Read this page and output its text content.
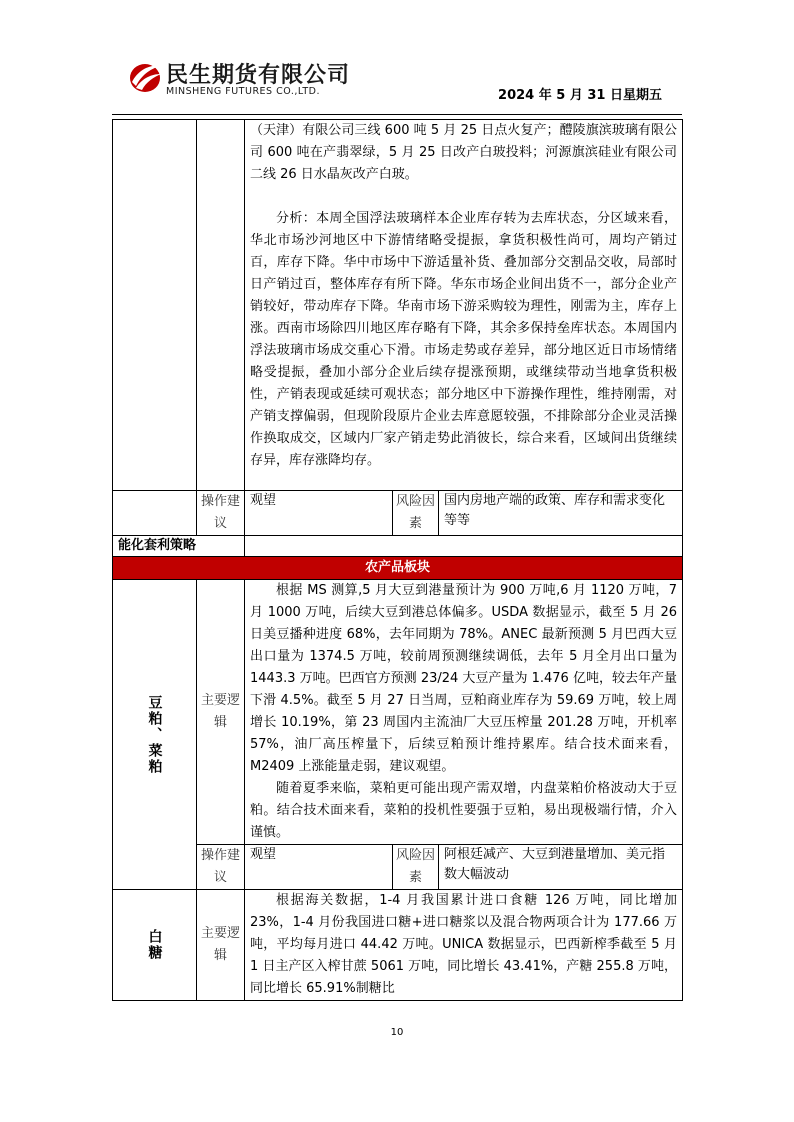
民生期货有限公司
MINSHENG FUTURES CO.,LTD.	2024 年 5 月 31 日星期五

		（天津）有限公司三线 600 吨 5 月 25 日点火复产；醴陵旗滨玻璃有限公司 600 吨在产翡翠绿，5 月 25 日改产白玻投料；河源旗滨硅业有限公司二线 26 日水晶灰改产白玻。
分析：本周全国浮法玻璃样本企业库存转为去库状态，分区域来看，华北市场沙河地区中下游情绪略受提振，拿货积极性尚可，周均产销过百，库存下降。华中市场中下游适量补货、叠加部分交割品交收，局部时日产销过百，整体库存有所下降。华东市场企业间出货不一，部分企业产销较好，带动库存下降。华南市场下游采购较为理性，刚需为主，库存上涨。西南市场除四川地区库存略有下降，其余多保持垒库状态。本周国内浮法玻璃市场成交重心下滑。市场走势或存差异，部分地区近日市场情绪略受提振，叠加小部分企业后续存提涨预期，或继续带动当地拿货积极性，产销表现或延续可观状态；部分地区中下游操作理性，维持刚需，对产销支撑偏弱，但现阶段原片企业去库意愿较强，不排除部分企业灵活操作换取成交，区域内厂家产销走势此消彼长，综合来看，区域间出货继续存异，库存涨降均存。		

	操作建议	观望	风险因素	国内房地产端的政策、库存和需求变化等等
能化套利策略				
农产品板块				

豆粕、菜粕	主要逻辑	根据 MS 测算,5 月大豆到港量预计为 900 万吨,6 月 1120 万吨，7 月 1000 万吨，后续大豆到港总体偏多。USDA 数据显示，截至 5 月 26 日美豆播种进度 68%，去年同期为 78%。ANEC 最新预测 5 月巴西大豆出口量为 1374.5 万吨，较前周预测继续调低，去年 5 月全月出口量为 1443.3 万吨。巴西官方预测 23/24 大豆产量为 1.476 亿吨，较去年产量下滑 4.5%。截至 5 月 27 日当周，豆粕商业库存为 59.69 万吨，较上周增长 10.19%，第 23 周国内主流油厂大豆压榨量 201.28 万吨，开机率 57%，油厂高压榨量下，后续豆粕预计维持累库。结合技术面来看，M2409 上涨能量走弱，建议观望。
随着夏季来临，菜粕更可能出现产需双增，内盘菜粕价格波动大于豆粕。结合技术面来看，菜粕的投机性要强于豆粕，易出现极端行情，介入谨慎。		

	操作建议	观望	风险因素	阿根廷减产、大豆到港量增加、美元指数大幅波动

白糖	主要逻辑	根据海关数据，1-4 月我国累计进口食糖 126 万吨，同比增加 23%，1-4 月份我国进口糖+进口糖浆以及混合物两项合计为 177.66 万吨，平均每月进口 44.42 万吨。UNICA 数据显示，巴西新榨季截至 5 月 1 日主产区入榨甘蔗 5061 万吨，同比增长 43.41%，产糖 255.8 万吨，同比增长 65.91%制糖比		
10
